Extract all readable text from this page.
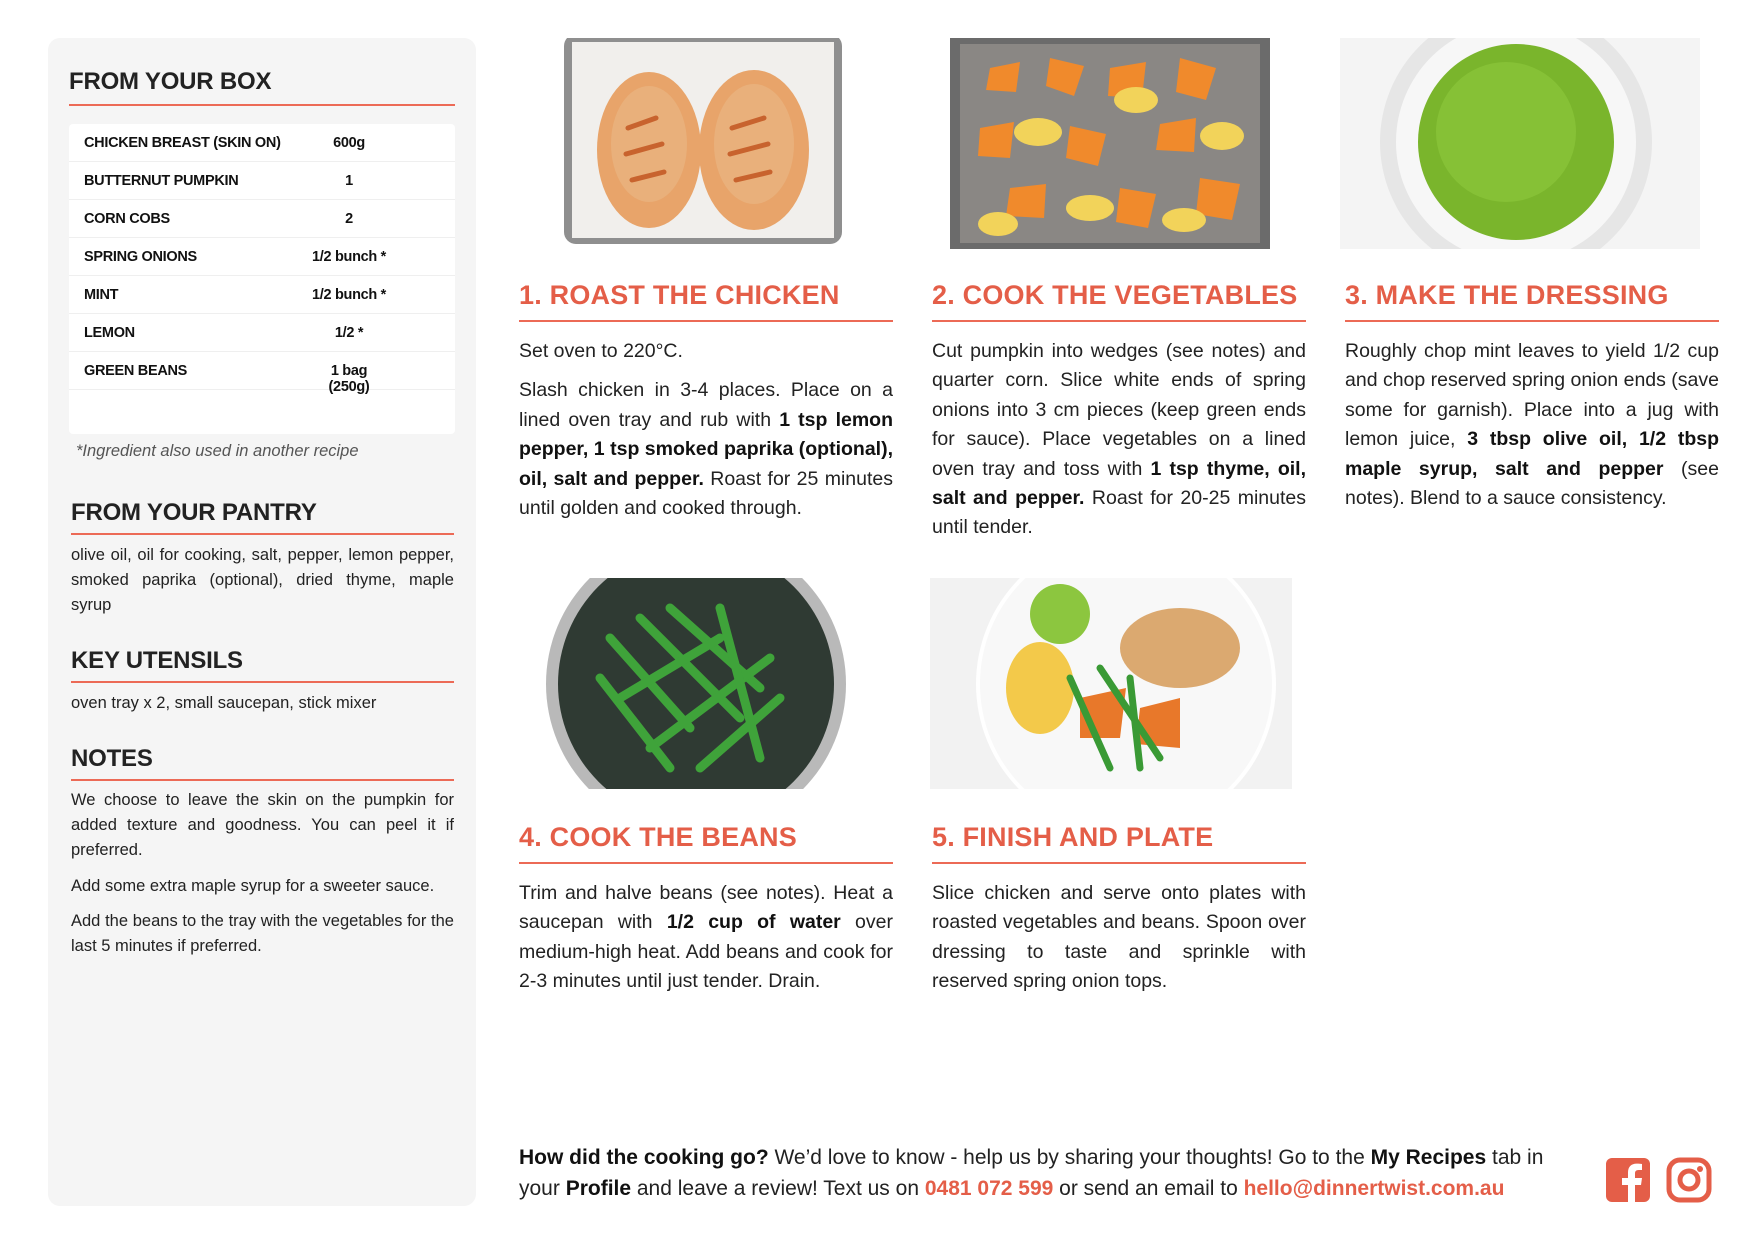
FROM YOUR BOX
CHICKEN BREAST (SKIN ON)	600g
BUTTERNUT PUMPKIN	1
CORN COBS	2
SPRING ONIONS	1/2 bunch *
MINT	1/2 bunch *
LEMON	1/2 *
GREEN BEANS	1 bag (250g)
*Ingredient also used in another recipe
FROM YOUR PANTRY
olive oil, oil for cooking, salt, pepper, lemon pepper, smoked paprika (optional), dried thyme, maple syrup
KEY UTENSILS
oven tray x 2, small saucepan, stick mixer
NOTES
We choose to leave the skin on the pumpkin for added texture and goodness. You can peel it if preferred.
Add some extra maple syrup for a sweeter sauce.
Add the beans to the tray with the vegetables for the last 5 minutes if preferred.
1. ROAST THE CHICKEN

Set oven to 220°C.

Slash chicken in 3-4 places. Place on a lined oven tray and rub with 1 tsp lemon pepper, 1 tsp smoked paprika (optional), oil, salt and pepper. Roast for 25 minutes until golden and cooked through.

2. COOK THE VEGETABLES

Cut pumpkin into wedges (see notes) and quarter corn. Slice white ends of spring onions into 3 cm pieces (keep green ends for sauce). Place vegetables on a lined oven tray and toss with 1 tsp thyme, oil, salt and pepper. Roast for 20-25 minutes until tender.

3. MAKE THE DRESSING

Roughly chop mint leaves to yield 1/2 cup and chop reserved spring onion ends (save some for garnish). Place into a jug with lemon juice, 3 tbsp olive oil, 1/2 tbsp maple syrup, salt and pepper (see notes). Blend to a sauce consistency.

4. COOK THE BEANS

Trim and halve beans (see notes). Heat a saucepan with 1/2 cup of water over medium-high heat. Add beans and cook for 2-3 minutes until just tender. Drain.

5. FINISH AND PLATE

Slice chicken and serve onto plates with roasted vegetables and beans. Spoon over dressing to taste and sprinkle with reserved spring onion tops.

How did the cooking go? We’d love to know - help us by sharing your thoughts! Go to the My Recipes tab in your Profile and leave a review! Text us on 0481 072 599 or send an email to hello@dinnertwist.com.au
